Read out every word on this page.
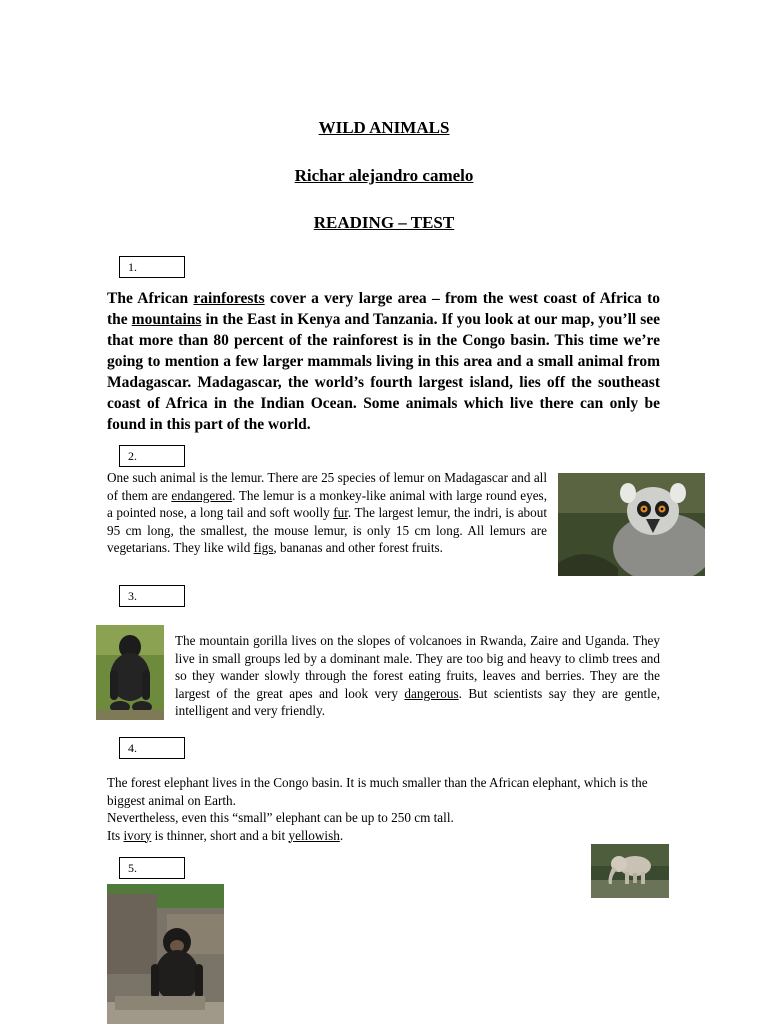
WILD ANIMALS
Richar alejandro camelo
READING – TEST
1.

The African rainforests cover a very large area – from the west coast of Africa to the mountains in the East in Kenya and Tanzania. If you look at our map, you’ll see that more than 80 percent of the rainforest is in the Congo basin. This time we’re going to mention a few larger mammals living in this area and a small animal from Madagascar. Madagascar, the world’s fourth largest island, lies off the southeast coast of Africa in the Indian Ocean. Some animals which live there can only be found in this part of the world.

2.

One such animal is the lemur. There are 25 species of lemur on Madagascar and all of them are endangered. The lemur is a monkey-like animal with large round eyes, a pointed nose, a long tail and soft woolly fur. The largest lemur, the indri, is about 95 cm long, the smallest, the mouse lemur, is only 15 cm long. All lemurs are vegetarians. They like wild figs, bananas and other forest fruits.

3.

The mountain gorilla lives on the slopes of volcanoes in Rwanda, Zaire and Uganda. They live in small groups led by a dominant male. They are too big and heavy to climb trees and so they wander slowly through the forest eating fruits, leaves and berries. They are the largest of the great apes and look very dangerous. But scientists say they are gentle, intelligent and very friendly.

4.
The forest elephant lives in the Congo basin. It is much smaller than the African elephant, which is the biggest animal on Earth.
Nevertheless, even this “small” elephant can be up to 250 cm tall.
Its ivory is thinner, short and a bit yellowish.
5.
